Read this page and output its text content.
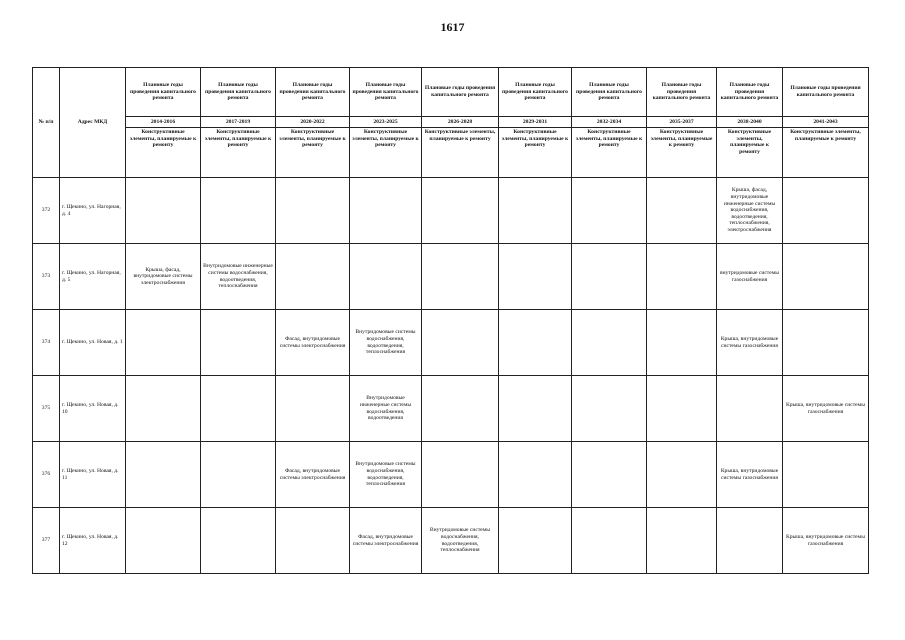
1617
№ п/п	Адрес МКД	Плановые годы проведения капитального ремонта	Плановые годы проведения капитального ремонта	Плановые годы проведения капитального ремонта	Плановые годы проведения капитального ремонта	Плановые годы проведения капитального ремонта	Плановые годы проведения капитального ремонта	Плановые годы проведения капитального ремонта	Плановые годы проведения капитального ремонта	Плановые годы проведения капитального ремонта	Плановые годы проведения капитального ремонта
		2014-2016	2017-2019	2020-2022	2023-2025	2026-2028	2029-2031	2032-2034	2035-2037	2038-2040	2041-2043
		Конструктивные элементы, планируемые к ремонту	Конструктивные элементы, планируемые к ремонту	Конструктивные элементы, планируемые к ремонту	Конструктивные элементы, планируемые к ремонту	Конструктивные элементы, планируемые к ремонту	Конструктивные элементы, планируемые к ремонту	Конструктивные элементы, планируемые к ремонту	Конструктивные элементы, планируемые к ремонту	Конструктивные элементы, планируемые к ремонту	Конструктивные элементы, планируемые к ремонту
372	г. Щекино, ул. Нагорная, д. 4									Крыша, фасад, внутридомовые инженерные системы водоснабжения, водоотведения, теплоснабжения, электроснабжения	
373	г. Щекино, ул. Нагорная, д. 5	Крыша, фасад, внутридомовые системы электроснабжения	Внутридомовые инженерные системы водоснабжения, водоотведения, теплоснабжения							внутридомовые системы газоснабжения	
374	г. Щекино, ул. Новая, д. 1			Фасад, внутридомовые системы электроснабжения	Внутридомовые системы водоснабжения, водоотведения, теплоснабжения					Крыша, внутридомовые системы газоснабжения	
375	г. Щекино, ул. Новая, д. 10				Внутридомовые инженерные системы водоснабжения, водоотведения						Крыша, внутридомовые системы газоснабжения
376	г. Щекино, ул. Новая, д. 11			Фасад, внутридомовые системы электроснабжения	Внутридомовые системы водоснабжения, водоотведения, теплоснабжения					Крыша, внутридомовые системы газоснабжения	
377	г. Щекино, ул. Новая, д. 12				Фасад, внутридомовые системы электроснабжения	Внутридомовые системы водоснабжения, водоотведения, теплоснабжения					Крыша, внутридомовые системы газоснабжения
